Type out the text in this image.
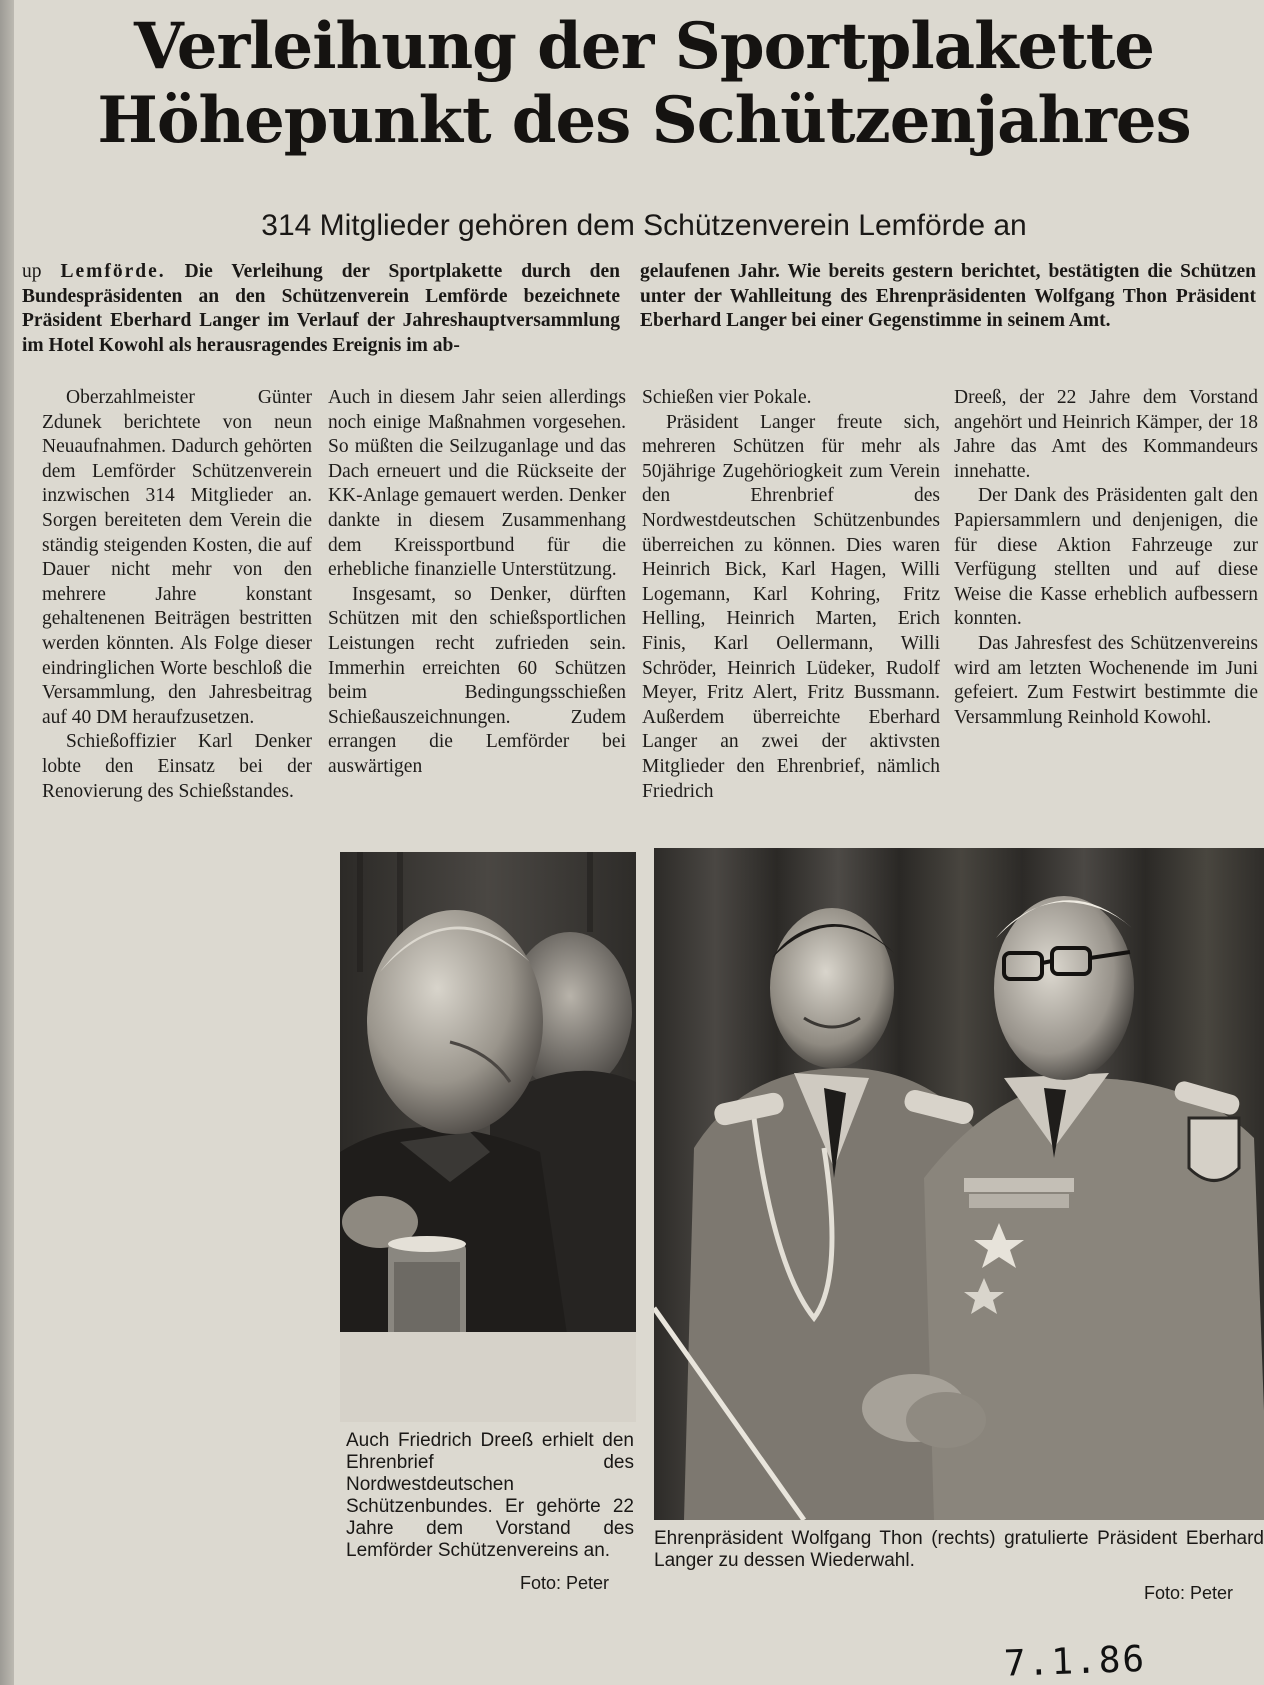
Verleihung der Sportplakette
Höhepunkt des Schützenjahres
314 Mitglieder gehören dem Schützenverein Lemförde an
up Lemförde. Die Verleihung der Sportplakette durch den Bundespräsidenten an den Schützenverein Lemförde bezeichnete Präsident Eberhard Langer im Verlauf der Jahreshauptversammlung im Hotel Kowohl als herausragendes Ereignis im ab-
gelaufenen Jahr. Wie bereits gestern berichtet, bestätigten die Schützen unter der Wahlleitung des Ehrenpräsidenten Wolfgang Thon Präsident Eberhard Langer bei einer Gegenstimme in seinem Amt.

Oberzahlmeister Günter Zdunek berichtete von neun Neuaufnahmen. Dadurch gehörten dem Lemförder Schützenverein inzwischen 314 Mitglieder an. Sorgen bereiteten dem Verein die ständig steigenden Kosten, die auf Dauer nicht mehr von den mehrere Jahre konstant gehaltenenen Beiträgen bestritten werden könnten. Als Folge dieser eindringlichen Worte beschloß die Versammlung, den Jahresbeitrag auf 40 DM heraufzusetzen.

Schießoffizier Karl Denker lobte den Einsatz bei der Renovierung des Schießstandes.

Auch in diesem Jahr seien allerdings noch einige Maßnahmen vorgesehen. So müßten die Seilzuganlage und das Dach erneuert und die Rückseite der KK-Anlage gemauert werden. Denker dankte in diesem Zusammenhang dem Kreissportbund für die erhebliche finanzielle Unterstützung.

Insgesamt, so Denker, dürften Schützen mit den schießsportlichen Leistungen recht zufrieden sein. Immerhin erreichten 60 Schützen beim Bedingungsschießen Schießauszeichnungen. Zudem errangen die Lemförder bei auswärtigen

Schießen vier Pokale.

Präsident Langer freute sich, mehreren Schützen für mehr als 50jährige Zugehöriogkeit zum Verein den Ehrenbrief des Nordwestdeutschen Schützenbundes überreichen zu können. Dies waren Heinrich Bick, Karl Hagen, Willi Logemann, Karl Kohring, Fritz Helling, Heinrich Marten, Erich Finis, Karl Oellermann, Willi Schröder, Heinrich Lüdeker, Rudolf Meyer, Fritz Alert, Fritz Bussmann. Außerdem überreichte Eberhard Langer an zwei der aktivsten Mitglieder den Ehrenbrief, nämlich Friedrich

Dreeß, der 22 Jahre dem Vorstand angehört und Heinrich Kämper, der 18 Jahre das Amt des Kommandeurs innehatte.

Der Dank des Präsidenten galt den Papiersammlern und denjenigen, die für diese Aktion Fahrzeuge zur Verfügung stellten und auf diese Weise die Kasse erheblich aufbessern konnten.

Das Jahresfest des Schützenvereins wird am letzten Wochenende im Juni gefeiert. Zum Festwirt bestimmte die Versammlung Reinhold Kowohl.

Auch Friedrich Dreeß erhielt den Ehrenbrief des Nordwestdeutschen Schützenbundes. Er gehörte 22 Jahre dem Vorstand des Lemförder Schützenvereins an.
Foto: Peter
Ehrenpräsident Wolfgang Thon (rechts) gratulierte Präsident Eberhard Langer zu dessen Wiederwahl.
Foto: Peter
7.1.86
